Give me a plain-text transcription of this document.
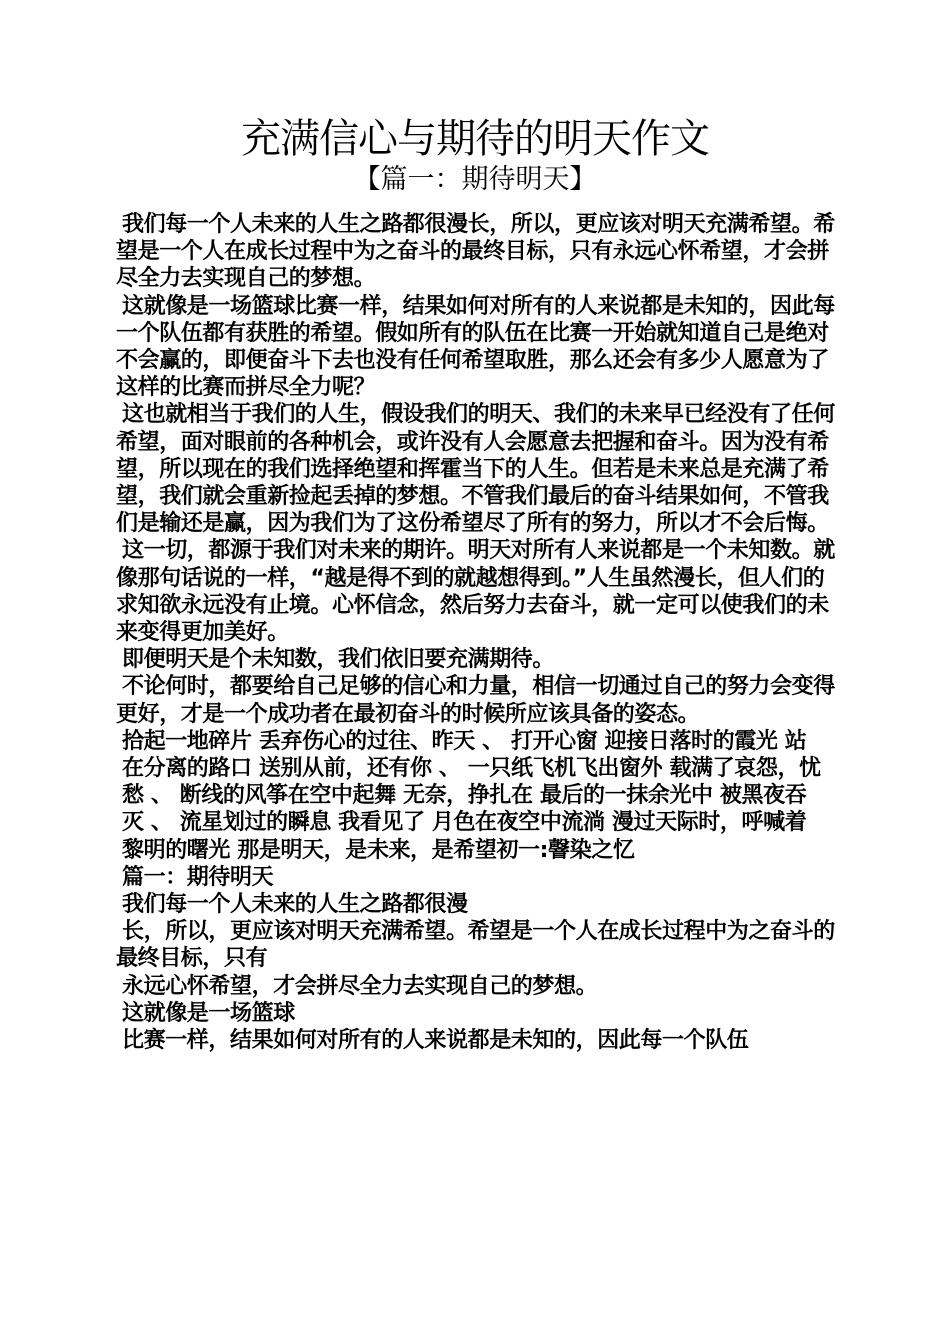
充满信心与期待的明天作文
【篇一：期待明天】

我们每一个人未来的人生之路都很漫长，所以，更应该对明天充满希望。希望是一个人在成长过程中为之奋斗的最终目标，只有永远心怀希望，才会拼尽全力去实现自己的梦想。

这就像是一场篮球比赛一样，结果如何对所有的人来说都是未知的，因此每一个队伍都有获胜的希望。假如所有的队伍在比赛一开始就知道自己是绝对不会赢的，即便奋斗下去也没有任何希望取胜，那么还会有多少人愿意为了这样的比赛而拼尽全力呢？

这也就相当于我们的人生，假设我们的明天、我们的未来早已经没有了任何希望，面对眼前的各种机会，或许没有人会愿意去把握和奋斗。因为没有希望，所以现在的我们选择绝望和挥霍当下的人生。但若是未来总是充满了希望，我们就会重新捡起丢掉的梦想。不管我们最后的奋斗结果如何，不管我们是输还是赢，因为我们为了这份希望尽了所有的努力，所以才不会后悔。

这一切，都源于我们对未来的期许。明天对所有人来说都是一个未知数。就像那句话说的一样，“越是得不到的就越想得到。”人生虽然漫长，但人们的求知欲永远没有止境。心怀信念，然后努力去奋斗，就一定可以使我们的未来变得更加美好。

即便明天是个未知数，我们依旧要充满期待。

不论何时，都要给自己足够的信心和力量，相信一切通过自己的努力会变得更好，才是一个成功者在最初奋斗的时候所应该具备的姿态。

拾起一地碎片 丢弃伤心的过往、昨天 、 打开心窗 迎接日落时的霞光 站

在分离的路口 送别从前，还有你 、 一只纸飞机飞出窗外 载满了哀怨，忧

愁 、 断线的风筝在空中起舞 无奈，挣扎在 最后的一抹余光中 被黑夜吞

灭 、 流星划过的瞬息 我看见了 月色在夜空中流淌 漫过天际时，呼喊着

黎明的曙光 那是明天，是未来，是希望初一:韾染之忆

篇一：期待明天

我们每一个人未来的人生之路都很漫

长，所以，更应该对明天充满希望。希望是一个人在成长过程中为之奋斗的最终目标，只有

永远心怀希望，才会拼尽全力去实现自己的梦想。

这就像是一场篮球

比赛一样，结果如何对所有的人来说都是未知的，因此每一个队伍
